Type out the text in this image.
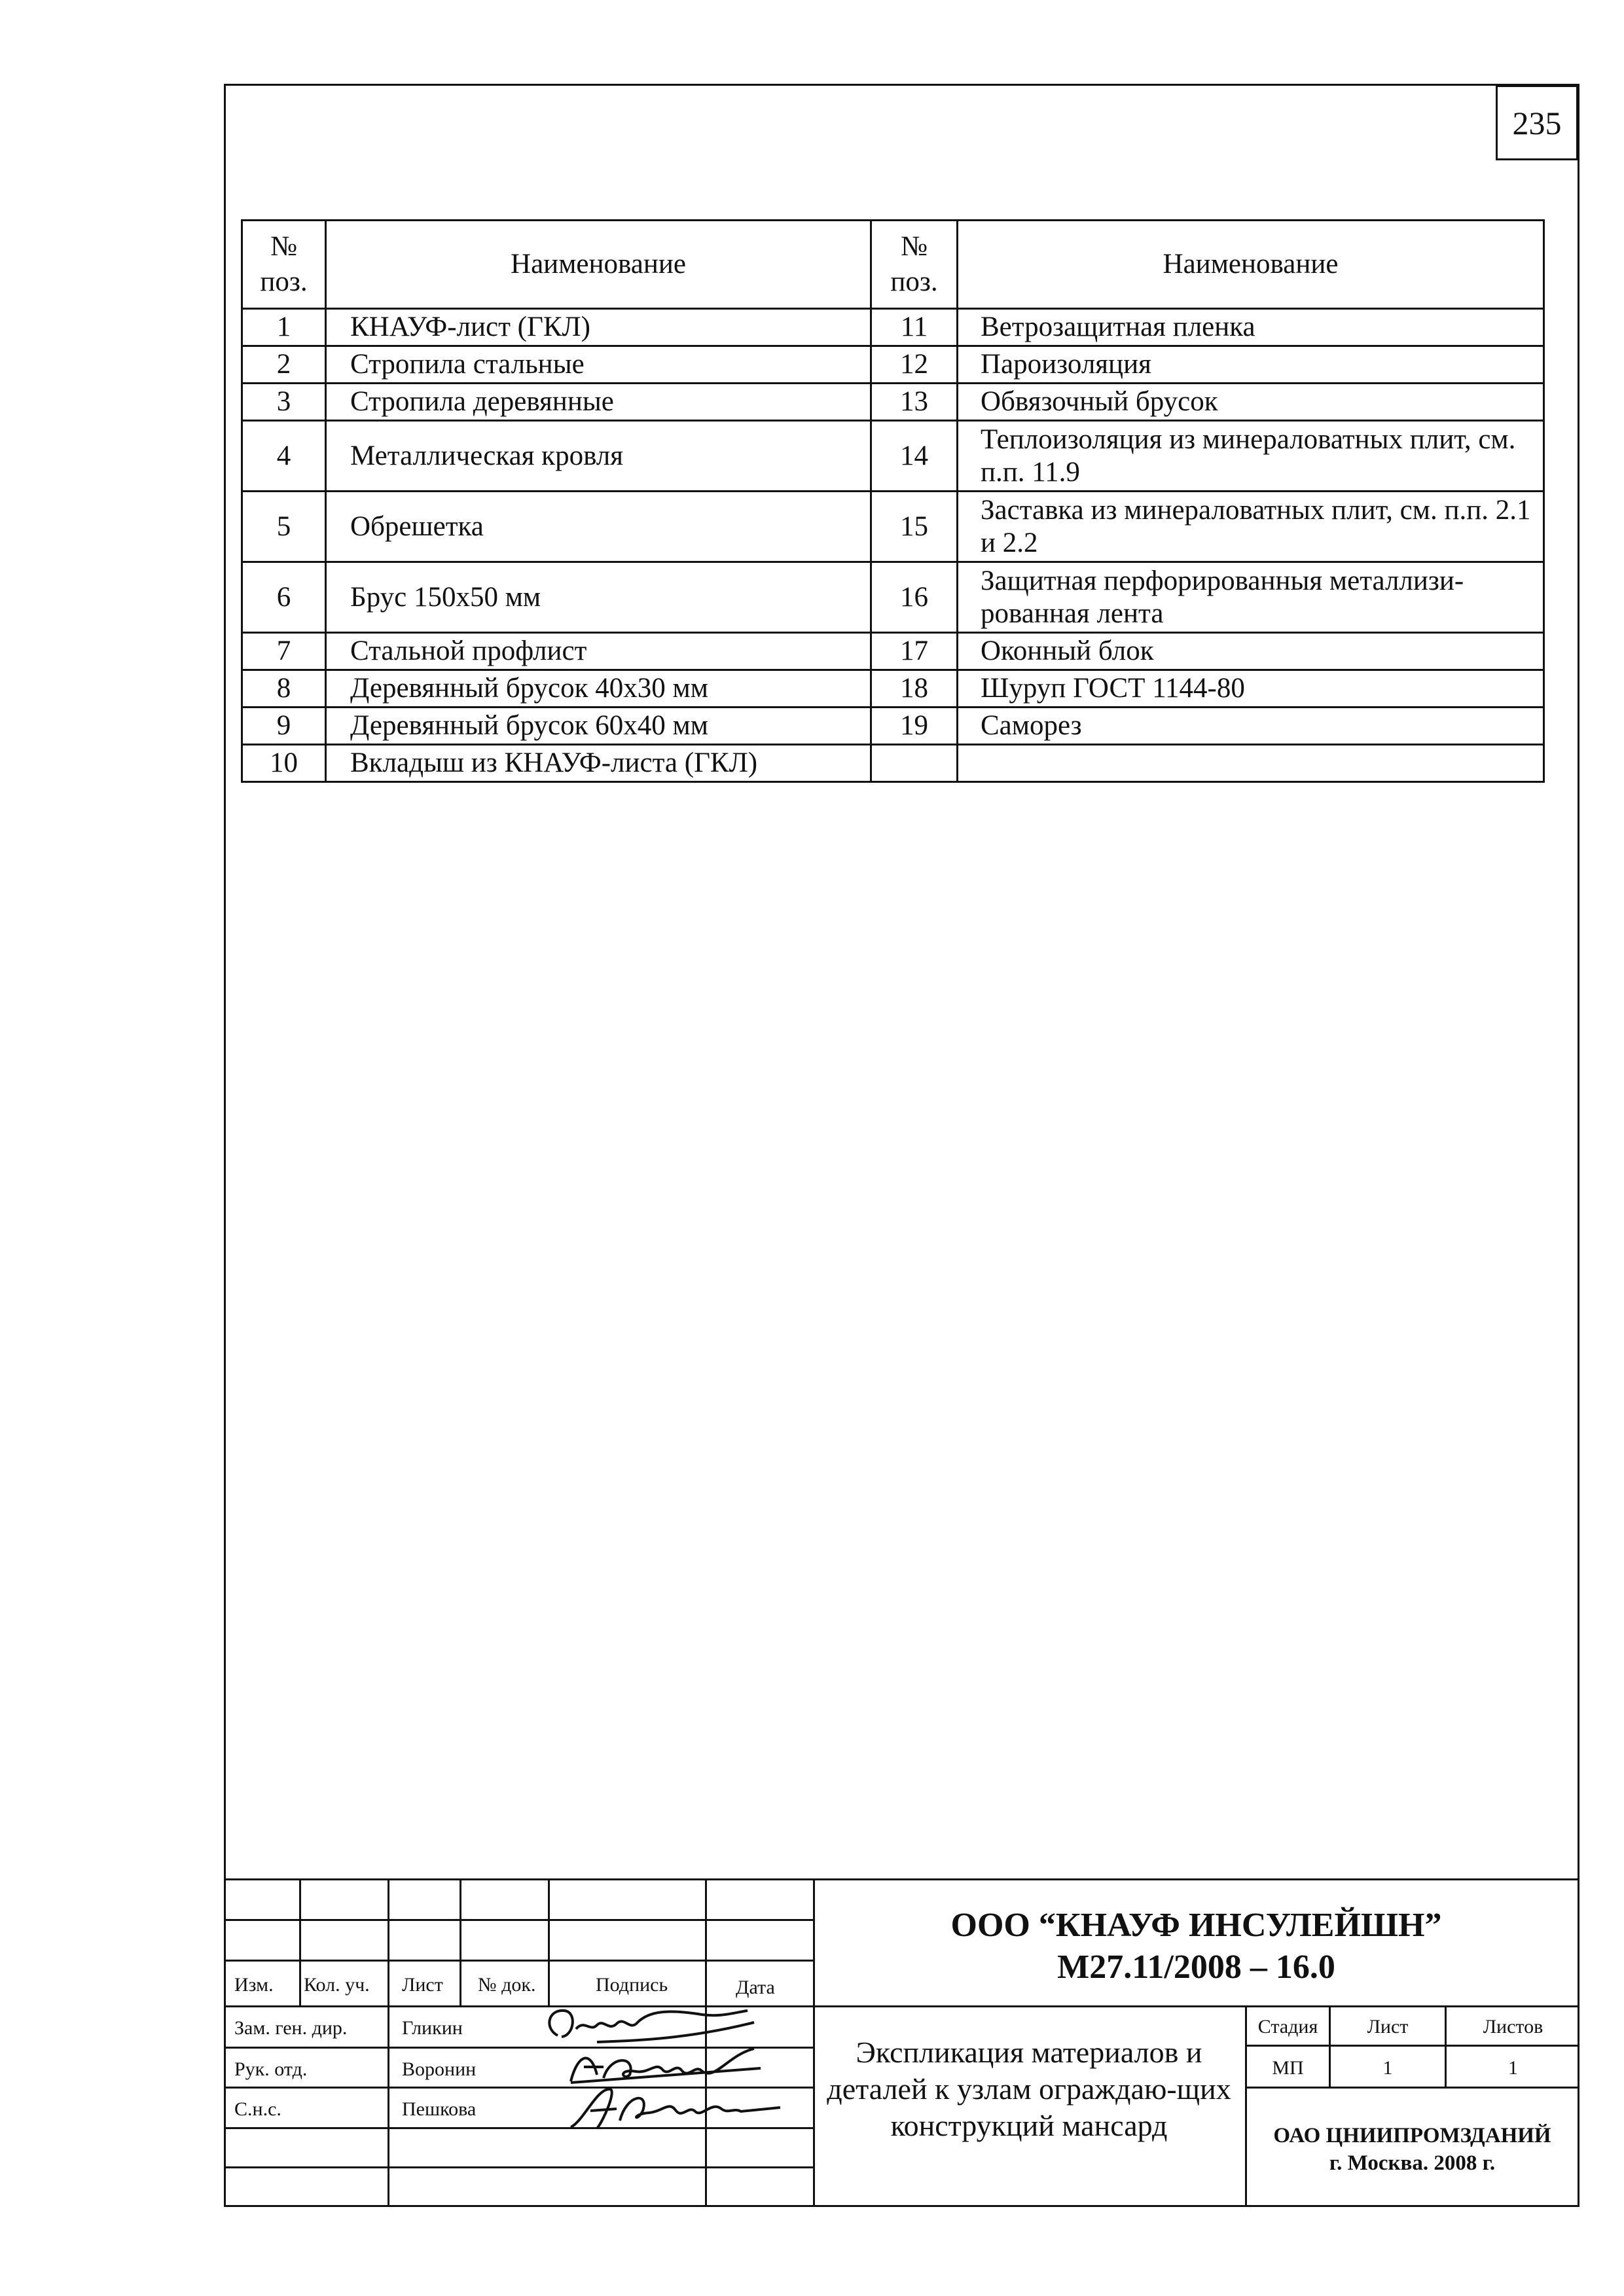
235
№ поз.	Наименование	№ поз.	Наименование
1	КНАУФ-лист (ГКЛ)	11	Ветрозащитная пленка
2	Стропила стальные	12	Пароизоляция
3	Стропила деревянные	13	Обвязочный брусок
4	Металлическая кровля	14	Теплоизоляция из минераловатных плит, см. п.п. 11.9
5	Обрешетка	15	Заставка из минераловатных плит, см. п.п. 2.1 и 2.2
6	Брус 150x50 мм	16	Защитная перфорированныя металлизи-рованная лента
7	Стальной профлист	17	Оконный блок
8	Деревянный брусок 40x30 мм	18	Шуруп ГОСТ 1144-80
9	Деревянный брусок 60x40 мм	19	Саморез
10	Вкладыш из КНАУФ-листа (ГКЛ)		
Изм. Кол. уч. Лист № док.	Подпись	Дата
Зам. ген. дир.	Гликин
Рук. отд.	Воронин
С.н.с.	Пешкова
ООО “КНАУФ ИНСУЛЕЙШН”
М27.11/2008 – 16.0
Экспликация материалов и деталей к узлам ограждаю-щих конструкций мансард
Стадия	Лист	Листов
МП	1	1
ОАО ЦНИИПРОМЗДАНИЙ
г. Москва. 2008 г.
